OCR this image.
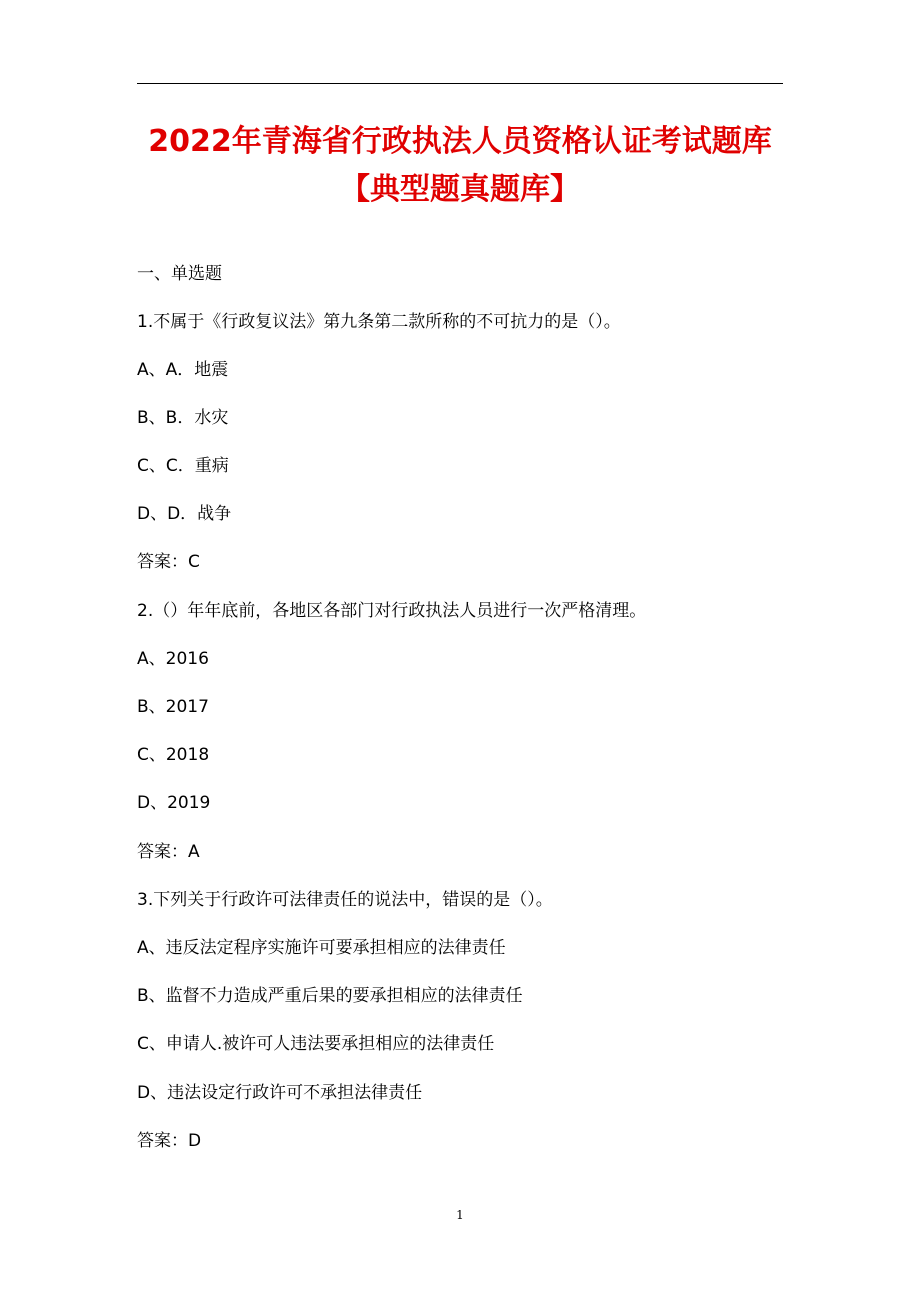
2022年青海省行政执法人员资格认证考试题库【典型题真题库】
一、单选题
1.不属于《行政复议法》第九条第二款所称的不可抗力的是（）。
A、A．地震
B、B．水灾
C、C．重病
D、D．战争
答案：C
2.（）年年底前，各地区各部门对行政执法人员进行一次严格清理。
A、2016
B、2017
C、2018
D、2019
答案：A
3.下列关于行政许可法律责任的说法中，错误的是（）。
A、违反法定程序实施许可要承担相应的法律责任
B、监督不力造成严重后果的要承担相应的法律责任
C、申请人.被许可人违法要承担相应的法律责任
D、违法设定行政许可不承担法律责任
答案：D
1
